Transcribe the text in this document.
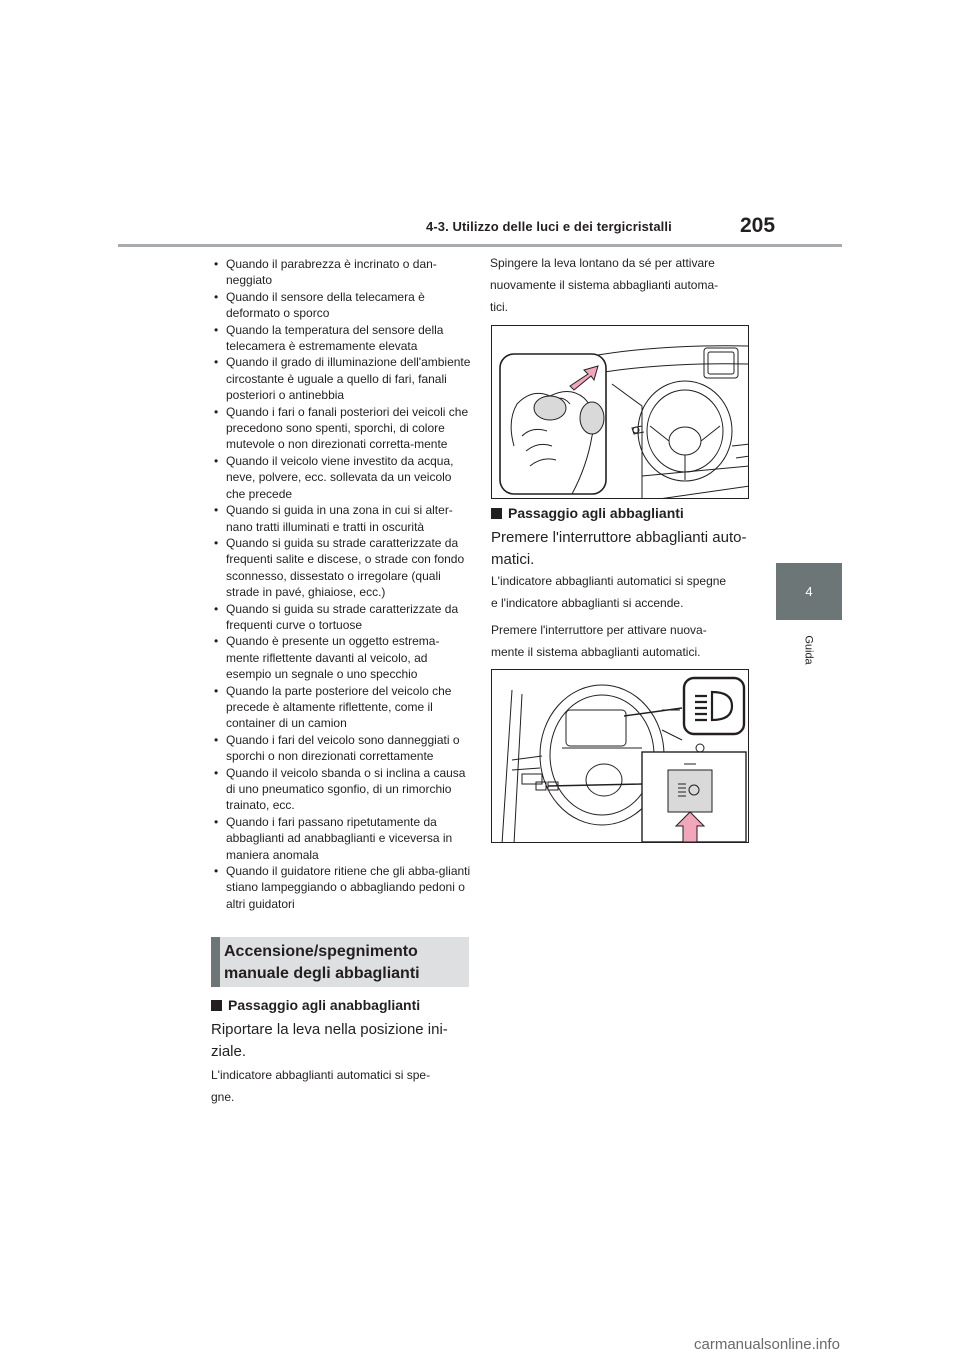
4-3. Utilizzo delle luci e dei tergicristalli	205
4
Guida
• Quando il parabrezza è incrinato o dan-neggiato
• Quando il sensore della telecamera è deformato o sporco
• Quando la temperatura del sensore della telecamera è estremamente elevata
• Quando il grado di illuminazione dell'ambiente circostante è uguale a quello di fari, fanali posteriori o antinebbia
• Quando i fari o fanali posteriori dei veicoli che precedono sono spenti, sporchi, di colore mutevole o non direzionati corretta-mente
• Quando il veicolo viene investito da acqua, neve, polvere, ecc. sollevata da un veicolo che precede
• Quando si guida in una zona in cui si alter-nano tratti illuminati e tratti in oscurità
• Quando si guida su strade caratterizzate da frequenti salite e discese, o strade con fondo sconnesso, dissestato o irregolare (quali strade in pavé, ghiaiose, ecc.)
• Quando si guida su strade caratterizzate da frequenti curve o tortuose
• Quando è presente un oggetto estrema-mente riflettente davanti al veicolo, ad esempio un segnale o uno specchio
• Quando la parte posteriore del veicolo che precede è altamente riflettente, come il container di un camion
• Quando i fari del veicolo sono danneggiati o sporchi o non direzionati correttamente
• Quando il veicolo sbanda o si inclina a causa di uno pneumatico sgonfio, di un rimorchio trainato, ecc.
• Quando i fari passano ripetutamente da abbaglianti ad anabbaglianti e viceversa in maniera anomala
• Quando il guidatore ritiene che gli abba-glianti stiano lampeggiando o abbagliando pedoni o altri guidatori
Accensione/spegnimento
manuale degli abbaglianti
Passaggio agli anabbaglianti
Riportare la leva nella posizione ini-
ziale.
L'indicatore abbaglianti automatici si spe-
gne.
Spingere la leva lontano da sé per attivare
nuovamente il sistema abbaglianti automa-
tici.
Passaggio agli abbaglianti
Premere l'interruttore abbaglianti auto-
matici.
L'indicatore abbaglianti automatici si spegne
e l'indicatore abbaglianti si accende.
Premere l'interruttore per attivare nuova-
mente il sistema abbaglianti automatici.
carmanualsonline.info
